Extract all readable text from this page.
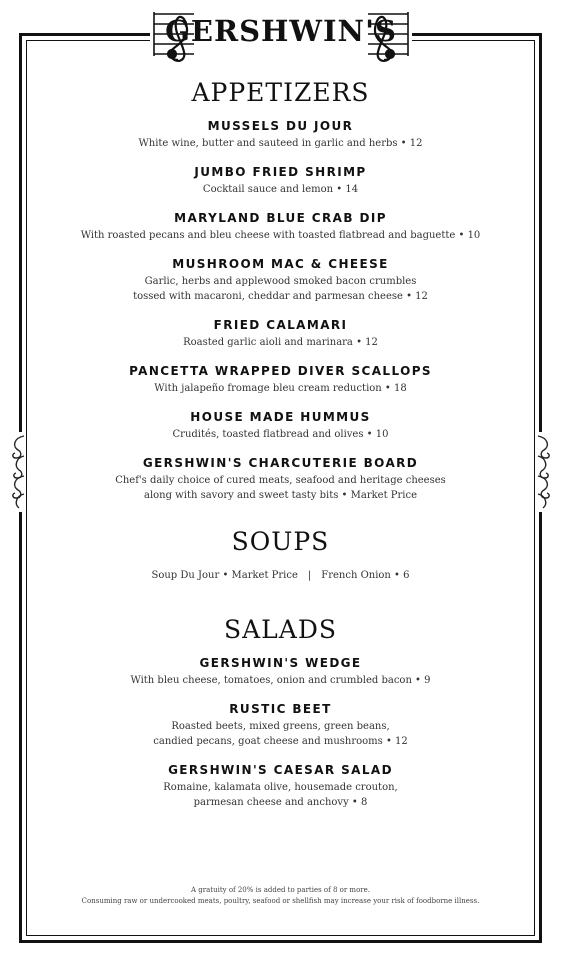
GERSHWIN'S
APPETIZERS
MUSSELS DU JOUR
White wine, butter and sauteed in garlic and herbs • 12
JUMBO FRIED SHRIMP
Cocktail sauce and lemon • 14
MARYLAND BLUE CRAB DIP
With roasted pecans and bleu cheese with toasted flatbread and baguette • 10
MUSHROOM MAC & CHEESE
Garlic, herbs and applewood smoked bacon crumbles
tossed with macaroni, cheddar and parmesan cheese • 12
FRIED CALAMARI
Roasted garlic aioli and marinara • 12
PANCETTA WRAPPED DIVER SCALLOPS
With jalapeño fromage bleu cream reduction • 18
HOUSE MADE HUMMUS
Crudités, toasted flatbread and olives • 10
GERSHWIN'S CHARCUTERIE BOARD
Chef's daily choice of cured meats, seafood and heritage cheeses
along with savory and sweet tasty bits • Market Price
SOUPS
Soup Du Jour • Market Price | French Onion • 6
SALADS
GERSHWIN'S WEDGE
With bleu cheese, tomatoes, onion and crumbled bacon • 9
RUSTIC BEET
Roasted beets, mixed greens, green beans,
candied pecans, goat cheese and mushrooms • 12
GERSHWIN'S CAESAR SALAD
Romaine, kalamata olive, housemade crouton,
parmesan cheese and anchovy • 8
A gratuity of 20% is added to parties of 8 or more.
Consuming raw or undercooked meats, poultry, seafood or shellfish may increase your risk of foodborne illness.
